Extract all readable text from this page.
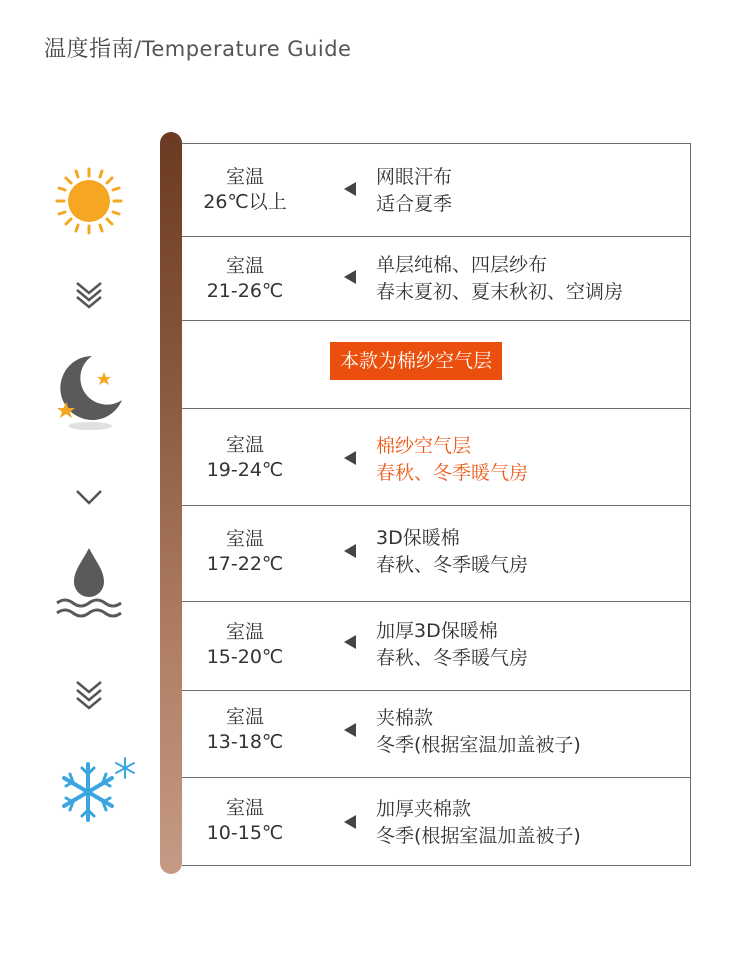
温度指南/Temperature Guide
室温
26℃以上
网眼汗布
适合夏季
室温
21-26℃
单层纯棉、四层纱布
春末夏初、夏末秋初、空调房
本款为棉纱空气层
室温
19-24℃
棉纱空气层
春秋、冬季暖气房
室温
17-22℃
3D保暖棉
春秋、冬季暖气房
室温
15-20℃
加厚3D保暖棉
春秋、冬季暖气房
室温
13-18℃
夹棉款
冬季(根据室温加盖被子)
室温
10-15℃
加厚夹棉款
冬季(根据室温加盖被子)
